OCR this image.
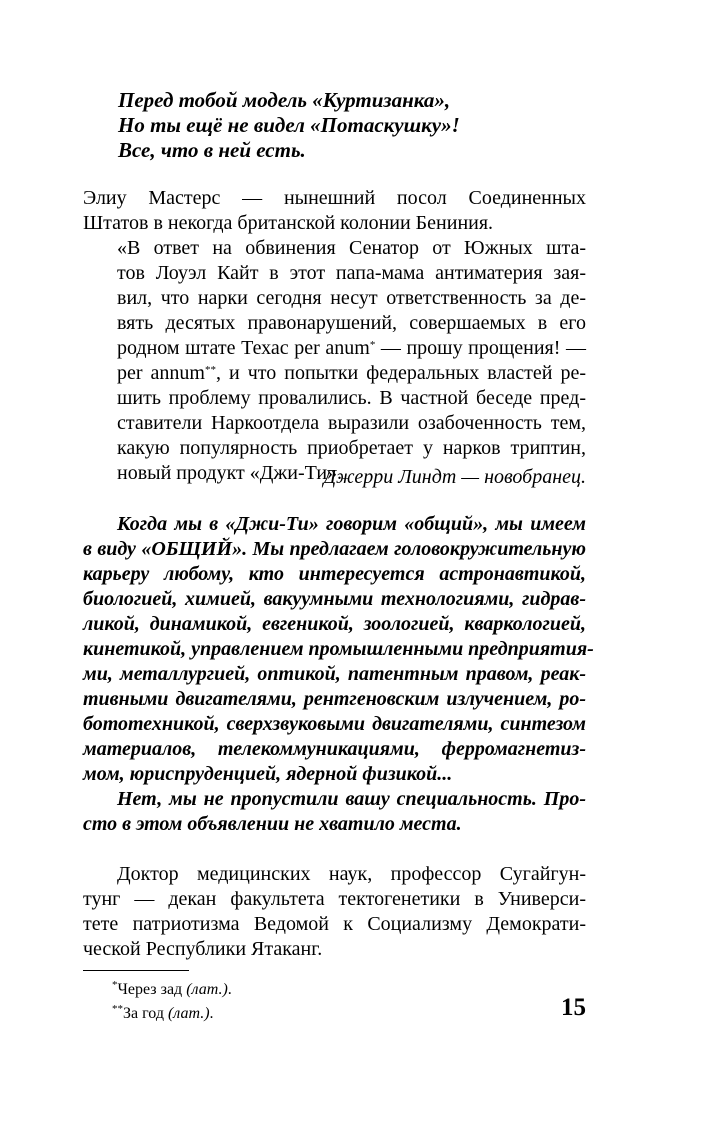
Перед тобой модель «Куртизанка»,
Но ты ещё не видел «Потаскушку»!
Все, что в ней есть.
Элиу Мастерс — нынешний посол Соединенных
Штатов в некогда британской колонии Бениния.
«В ответ на обвинения Сенатор от Южных шта-
тов Лоуэл Кайт в этот папа-мама антиматерия зая-
вил, что нарки сегодня несут ответственность за де-
вять десятых правонарушений, совершаемых в его
родном штате Техас per anum* — прошу прощения! —
per annum**, и что попытки федеральных властей ре-
шить проблему провалились. В частной беседе пред-
ставители Наркоотдела выразили озабоченность тем,
какую популярность приобретает у нарков триптин,
новый продукт «Джи-Ти».
Джерри Линдт — новобранец.
Когда мы в «Джи-Ти» говорим «общий», мы имеем
в виду «ОБЩИЙ». Мы предлагаем головокружительную
карьеру любому, кто интересуется астронавтикой,
биологией, химией, вакуумными технологиями, гидрав-
ликой, динамикой, евгеникой, зоологией, кваркологией,
кинетикой, управлением промышленными предприятия-
ми, металлургией, оптикой, патентным правом, реак-
тивными двигателями, рентгеновским излучением, ро-
бототехникой, сверхзвуковыми двигателями, синтезом
материалов, телекоммуникациями, ферромагнетиз-
мом, юриспруденцией, ядерной физикой...
Нет, мы не пропустили вашу специальность. Про-
сто в этом объявлении не хватило места.
Доктор медицинских наук, профессор Сугайгун-
тунг — декан факультета тектогенетики в Универси-
тете патриотизма Ведомой к Социализму Демократи-
ческой Республики Ятаканг.
*Через зад (лат.).
**За год (лат.).	15
